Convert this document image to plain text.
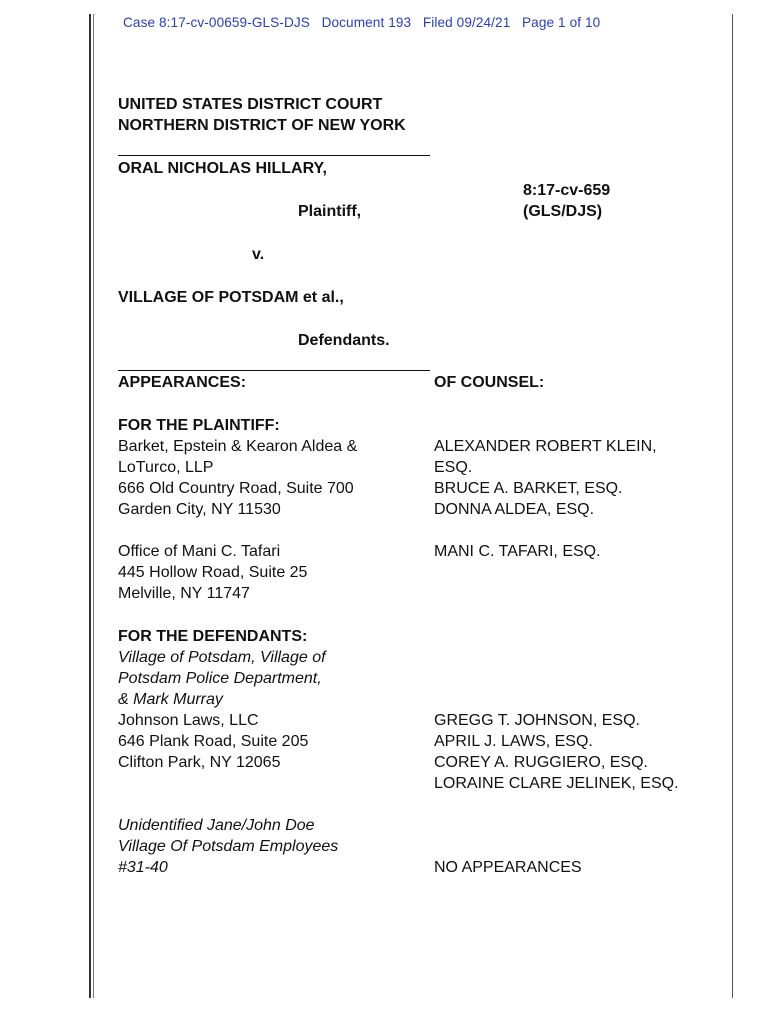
Case 8:17-cv-00659-GLS-DJS   Document 193   Filed 09/24/21   Page 1 of 10
UNITED STATES DISTRICT COURT
NORTHERN DISTRICT OF NEW YORK
ORAL NICHOLAS HILLARY,
8:17-cv-659
(GLS/DJS)
Plaintiff,
v.
VILLAGE OF POTSDAM et al.,
Defendants.
APPEARANCES:	OF COUNSEL:
FOR THE PLAINTIFF:
Barket, Epstein & Kearon Aldea &
LoTurco, LLP
666 Old Country Road, Suite 700
Garden City, NY 11530
ALEXANDER ROBERT KLEIN,
ESQ.
BRUCE A. BARKET, ESQ.
DONNA ALDEA, ESQ.
Office of Mani C. Tafari
445 Hollow Road, Suite 25
Melville, NY 11747
MANI C. TAFARI, ESQ.
FOR THE DEFENDANTS:
Village of Potsdam, Village of
Potsdam Police Department,
& Mark Murray
Johnson Laws, LLC
646 Plank Road, Suite 205
Clifton Park, NY 12065
GREGG T. JOHNSON, ESQ.
APRIL J. LAWS, ESQ.
COREY A. RUGGIERO, ESQ.
LORAINE CLARE JELINEK, ESQ.
Unidentified Jane/John Doe
Village Of Potsdam Employees
#31-40	NO APPEARANCES
